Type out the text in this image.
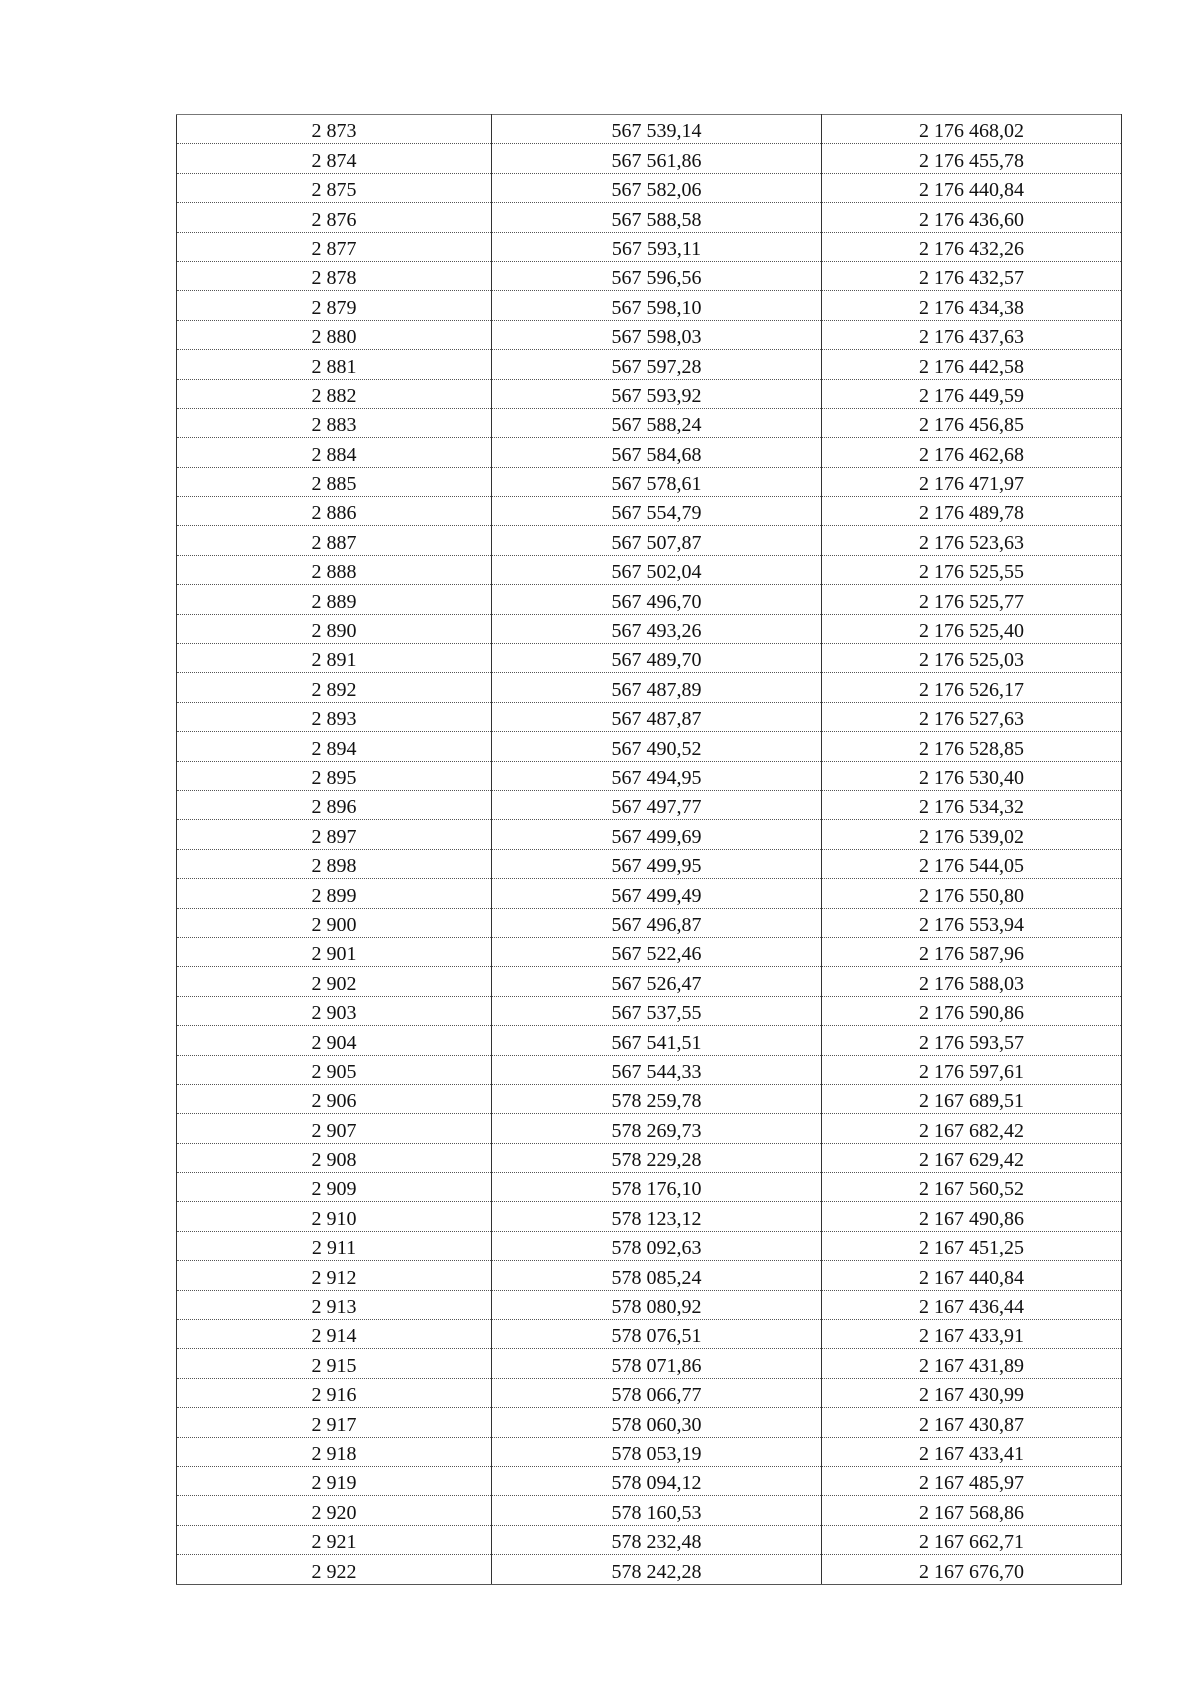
2 873	567 539,14	2 176 468,02
2 874	567 561,86	2 176 455,78
2 875	567 582,06	2 176 440,84
2 876	567 588,58	2 176 436,60
2 877	567 593,11	2 176 432,26
2 878	567 596,56	2 176 432,57
2 879	567 598,10	2 176 434,38
2 880	567 598,03	2 176 437,63
2 881	567 597,28	2 176 442,58
2 882	567 593,92	2 176 449,59
2 883	567 588,24	2 176 456,85
2 884	567 584,68	2 176 462,68
2 885	567 578,61	2 176 471,97
2 886	567 554,79	2 176 489,78
2 887	567 507,87	2 176 523,63
2 888	567 502,04	2 176 525,55
2 889	567 496,70	2 176 525,77
2 890	567 493,26	2 176 525,40
2 891	567 489,70	2 176 525,03
2 892	567 487,89	2 176 526,17
2 893	567 487,87	2 176 527,63
2 894	567 490,52	2 176 528,85
2 895	567 494,95	2 176 530,40
2 896	567 497,77	2 176 534,32
2 897	567 499,69	2 176 539,02
2 898	567 499,95	2 176 544,05
2 899	567 499,49	2 176 550,80
2 900	567 496,87	2 176 553,94
2 901	567 522,46	2 176 587,96
2 902	567 526,47	2 176 588,03
2 903	567 537,55	2 176 590,86
2 904	567 541,51	2 176 593,57
2 905	567 544,33	2 176 597,61
2 906	578 259,78	2 167 689,51
2 907	578 269,73	2 167 682,42
2 908	578 229,28	2 167 629,42
2 909	578 176,10	2 167 560,52
2 910	578 123,12	2 167 490,86
2 911	578 092,63	2 167 451,25
2 912	578 085,24	2 167 440,84
2 913	578 080,92	2 167 436,44
2 914	578 076,51	2 167 433,91
2 915	578 071,86	2 167 431,89
2 916	578 066,77	2 167 430,99
2 917	578 060,30	2 167 430,87
2 918	578 053,19	2 167 433,41
2 919	578 094,12	2 167 485,97
2 920	578 160,53	2 167 568,86
2 921	578 232,48	2 167 662,71
2 922	578 242,28	2 167 676,70
